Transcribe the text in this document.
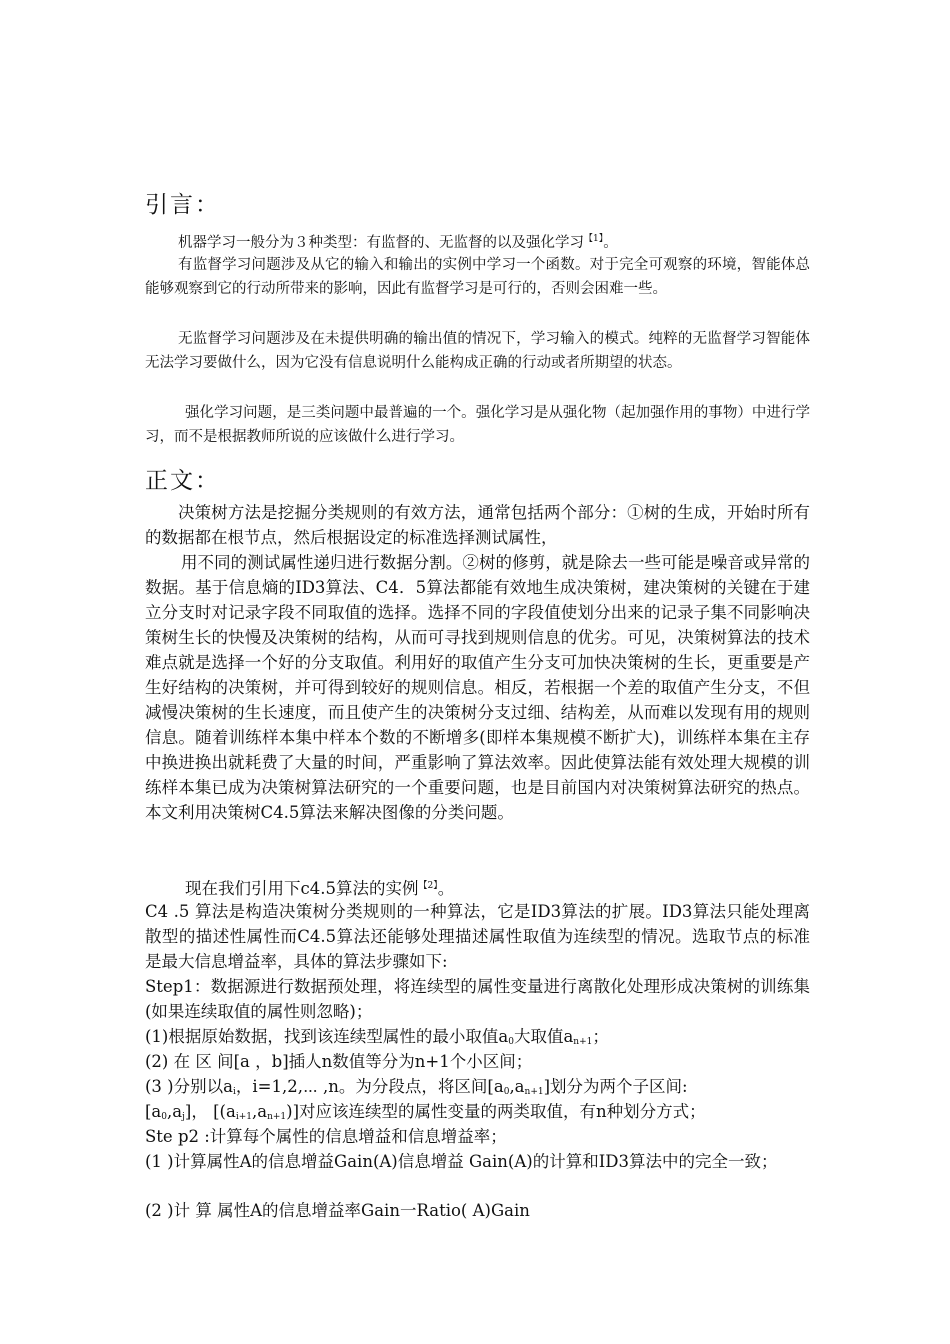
引言：
机器学习一般分为３种类型：有监督的、无监督的以及强化学习$^{【1】}$。
有监督学习问题涉及从它的输入和输出的实例中学习一个函数。对于完全可观察的环境，智能体总能够观察到它的行动所带来的影响，因此有监督学习是可行的，否则会困难一些。
无监督学习问题涉及在未提供明确的输出值的情况下，学习输入的模式。纯粹的无监督学习智能体无法学习要做什么，因为它没有信息说明什么能构成正确的行动或者所期望的状态。
强化学习问题，是三类问题中最普遍的一个。强化学习是从强化物（起加强作用的事物）中进行学习，而不是根据教师所说的应该做什么进行学习。
正文：
决策树方法是挖掘分类规则的有效方法，通常包括两个部分：①树的生成，开始时所有的数据都在根节点，然后根据设定的标准选择测试属性，
用不同的测试属性递归进行数据分割。②树的修剪，就是除去一些可能是噪音或异常的数据。基于信息熵的ID3算法、C4．5算法都能有效地生成决策树，建决策树的关键在于建立分支时对记录字段不同取值的选择。选择不同的字段值使划分出来的记录子集不同影响决策树生长的快慢及决策树的结构，从而可寻找到规则信息的优劣。可见，决策树算法的技术难点就是选择一个好的分支取值。利用好的取值产生分支可加快决策树的生长，更重要是产生好结构的决策树，并可得到较好的规则信息。相反，若根据一个差的取值产生分支，不但减慢决策树的生长速度，而且使产生的决策树分支过细、结构差，从而难以发现有用的规则信息。随着训练样本集中样本个数的不断增多(即样本集规模不断扩大)，训练样本集在主存中换进换出就耗费了大量的时间，严重影响了算法效率。因此使算法能有效处理大规模的训练样本集已成为决策树算法研究的一个重要问题，也是目前国内对决策树算法研究的热点。本文利用决策树C4.5算法来解决图像的分类问题。
现在我们引用下c4.5算法的实例$^{【2】}$。
C4 .5 算法是构造决策树分类规则的一种算法，它是ID3算法的扩展。ID3算法只能处理离散型的描述性属性而C4.5算法还能够处理描述属性取值为连续型的情况。选取节点的标准是最大信息增益率，具体的算法步骤如下:
Step1：数据源进行数据预处理，将连续型的属性变量进行离散化处理形成决策树的训练集(如果连续取值的属性则忽略)；
(1)根据原始数据，找到该连续型属性的最小取值$a_0$大取值$a_{n+1}$；
(2) 在 区 间[a ，b]插人n数值等分为n+1个小区间；
(3 )分别以$a_i$，i=1,2,⋯ ,n。为分段点，将区间$[a_0,a_{n+1}]$划分为两个子区间:
$[a_0,a_j]$， $[(a_{i+1},a_{n+1})]$对应该连续型的属性变量的两类取值，有n种划分方式；
Ste p2 :计算每个属性的信息增益和信息增益率；
(1 )计算属性A的信息增益Gain(A)信息增益 Gain(A)的计算和ID3算法中的完全一致；
(2 )计 算 属性A的信息增益率Gain一Ratio( A)Gain
